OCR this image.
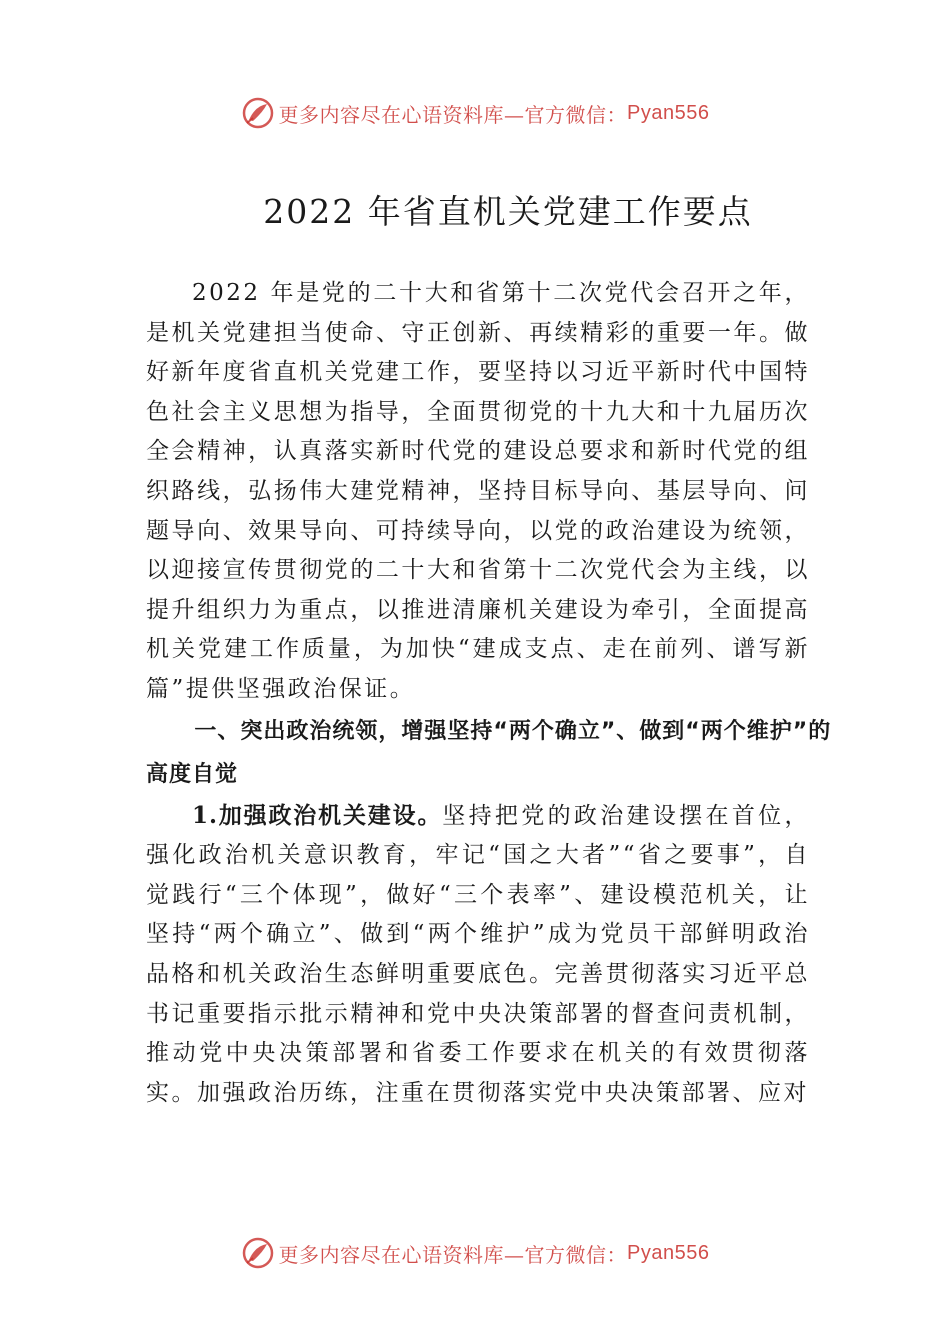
更多内容尽在心语资料库—官方微信： Pyan556
2022 年省直机关党建工作要点

2022 年是党的二十大和省第十二次党代会召开之年，是机关党建担当使命、守正创新、再续精彩的重要一年。做好新年度省直机关党建工作，要坚持以习近平新时代中国特色社会主义思想为指导，全面贯彻党的十九大和十九届历次全会精神，认真落实新时代党的建设总要求和新时代党的组织路线，弘扬伟大建党精神，坚持目标导向、基层导向、问题导向、效果导向、可持续导向，以党的政治建设为统领，以迎接宣传贯彻党的二十大和省第十二次党代会为主线，以提升组织力为重点，以推进清廉机关建设为牵引，全面提高机关党建工作质量，为加快“建成支点、走在前列、谱写新篇”提供坚强政治保证。

一、突出政治统领，增强坚持“两个确立”、做到“两个维护”的高度自觉

1.加强政治机关建设。坚持把党的政治建设摆在首位，强化政治机关意识教育，牢记“国之大者”“省之要事”，自觉践行“三个体现”，做好“三个表率”、建设模范机关，让坚持“两个确立”、做到“两个维护”成为党员干部鲜明政治品格和机关政治生态鲜明重要底色。完善贯彻落实习近平总书记重要指示批示精神和党中央决策部署的督查问责机制， 推动党中央决策部署和省委工作要求在机关的有效贯彻落实。加强政治历练，注重在贯彻落实党中央决策部署、应对

更多内容尽在心语资料库—官方微信： Pyan556
